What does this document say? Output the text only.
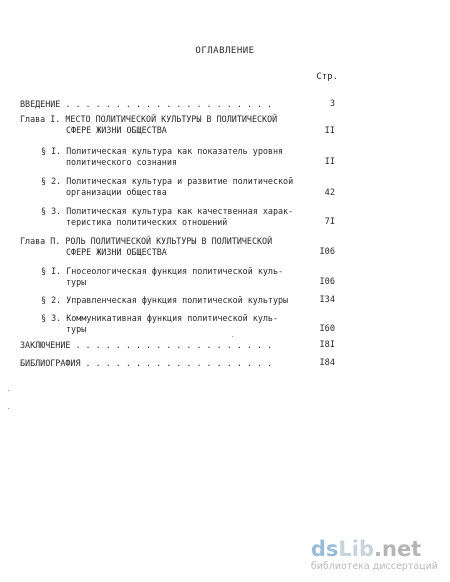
ОГЛАВЛЕНИЕ
Стр.
ВВЕДЕНИЕ . . . . . . . . . . . . . . . . . . . . .	3
Глава I. МЕСТО ПОЛИТИЧЕСКОЙ КУЛЬТУРЫ В ПОЛИТИЧЕСКОЙ
СФЕРЕ ЖИЗНИ ОБЩЕСТВА	II
§ I. Политическая культура как показатель уровня
политического сознания	II
§ 2. Политическая культура и развитие политической
организации общества	42
§ 3. Политическая культура как качественная харак-
теристика политических отношений	7I
Глава П. РОЛЬ ПОЛИТИЧЕСКОЙ КУЛЬТУРЫ В ПОЛИТИЧЕСКОЙ
СФЕРЕ ЖИЗНИ ОБЩЕСТВА	I06
§ I. Гносеологическая функция политической куль-
туры	I06
§ 2. Управленческая функция политической культуры	I34
§ 3. Коммуникативная функция политической куль-
туры	I60
ЗАКЛЮЧЕНИЕ . . . . . . . . . . . . . . . . . . . .	I8I
БИБЛИОГРАФИЯ . . . . . . . . . . . . . . . . . . .	I84
dsLib.net
библиотека диссертаций
